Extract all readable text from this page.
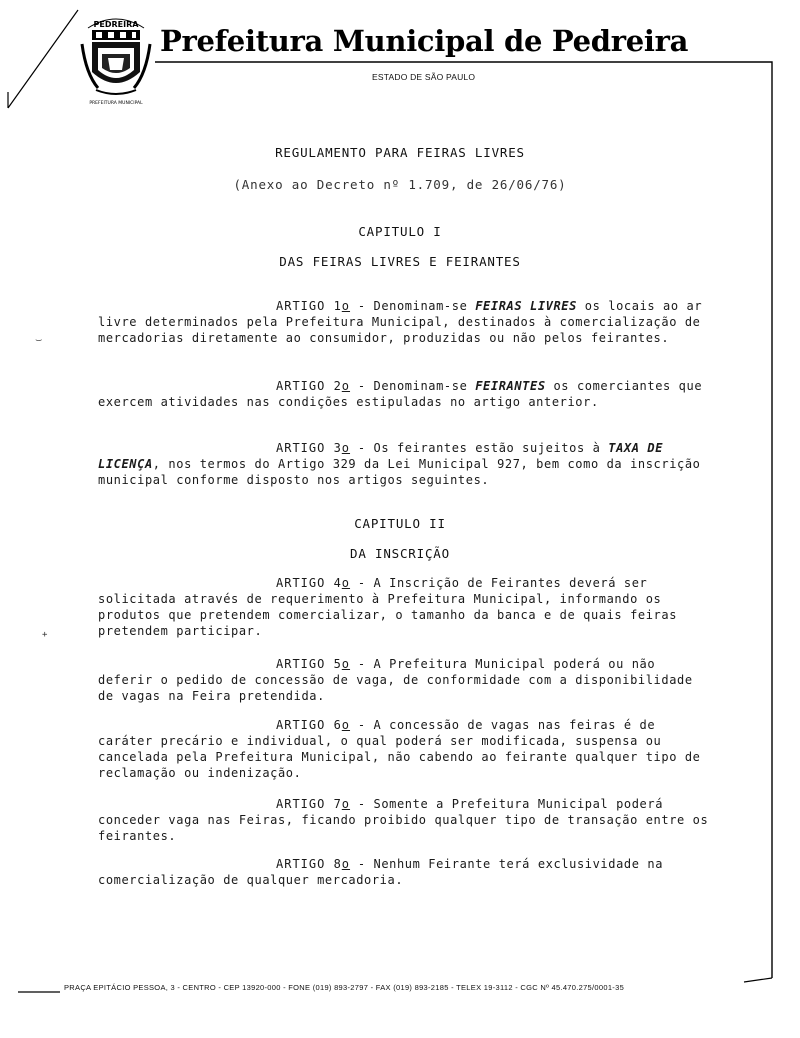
PEDREIRA
PREFEITURA MUNICIPAL
Prefeitura Municipal de Pedreira
ESTADO DE SÃO PAULO
REGULAMENTO PARA FEIRAS LIVRES
(Anexo ao Decreto nº 1.709, de 26/06/76)
CAPITULO I
DAS FEIRAS LIVRES E FEIRANTES
ARTIGO 1o - Denominam-se FEIRAS LIVRES os locais ao ar livre determinados pela Prefeitura Municipal, destinados à comercialização de mercadorias diretamente ao consumidor, produzidas ou não pelos feirantes.
‿
ARTIGO 2o - Denominam-se FEIRANTES os comerciantes que exercem atividades nas condições estipuladas no artigo anterior.
ARTIGO 3o - Os feirantes estão sujeitos à TAXA DE LICENÇA, nos termos do Artigo 329 da Lei Municipal 927, bem como da inscrição municipal conforme disposto nos artigos seguintes.
CAPITULO II
DA INSCRIÇÃO
ARTIGO 4o - A Inscrição de Feirantes deverá ser solicitada através de requerimento à Prefeitura Municipal, informando os produtos que pretendem comercializar, o tamanho da banca e de quais feiras pretendem participar.
+
ARTIGO 5o - A Prefeitura Municipal poderá ou não deferir o pedido de concessão de vaga, de conformidade com a disponibilidade de vagas na Feira pretendida.
ARTIGO 6o - A concessão de vagas nas feiras é de caráter precário e individual, o qual poderá ser modificada, suspensa ou cancelada pela Prefeitura Municipal, não cabendo ao feirante qualquer tipo de reclamação ou indenização.
ARTIGO 7o - Somente a Prefeitura Municipal poderá conceder vaga nas Feiras, ficando proibido qualquer tipo de transação entre os feirantes.
ARTIGO 8o - Nenhum Feirante terá exclusividade na comercialização de qualquer mercadoria.
PRAÇA EPITÁCIO PESSOA, 3 - CENTRO - CEP 13920-000 - FONE (019) 893-2797 - FAX (019) 893-2185 - TELEX 19-3112 - CGC Nº 45.470.275/0001-35
